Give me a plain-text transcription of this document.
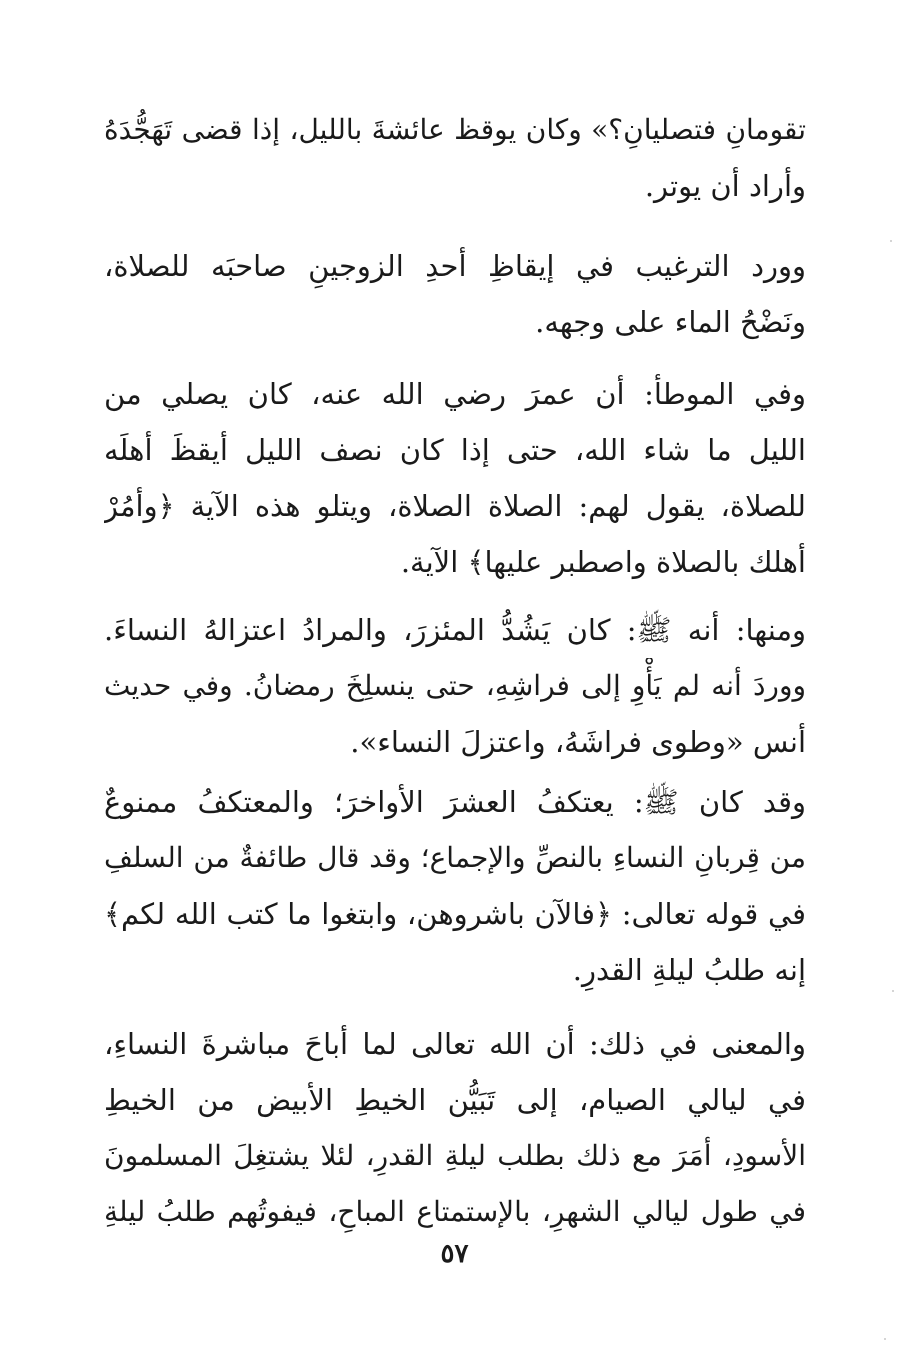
تقومانِ فتصليانِ؟» وكان يوقظ عائشةَ بالليل، إذا قضى تَهَجُّدَهُ
وأراد أن يوتر.
وورد الترغيب في إيقاظِ أحدِ الزوجينِ صاحبَه للصلاة،
ونَضْحُ الماء على وجهه.
وفي الموطأ: أن عمرَ رضي الله عنه، كان يصلي من
الليل ما شاء الله، حتى إذا كان نصف الليل أيقظَ أهلَه
للصلاة، يقول لهم: الصلاة الصلاة، ويتلو هذه الآية ﴿وأمُرْ
أهلك بالصلاة واصطبر عليها﴾ الآية.
ومنها: أنه ﷺ: كان يَشُدُّ المئزرَ، والمرادُ اعتزالهُ النساءَ.
ووردَ أنه لم يَأْوِ إلى فراشِهِ، حتى ينسلِخَ رمضانُ. وفي حديث
أنس «وطوى فراشَهُ، واعتزلَ النساء».
وقد كان ﷺ: يعتكفُ العشرَ الأواخرَ؛ والمعتكفُ ممنوعٌ
من قِربانِ النساءِ بالنصِّ والإجماع؛ وقد قال طائفةٌ من السلفِ
في قوله تعالى: ﴿فالآن باشروهن، وابتغوا ما كتب الله لكم﴾
إنه طلبُ ليلةِ القدرِ.
والمعنى في ذلك: أن الله تعالى لما أباحَ مباشرةَ النساءِ،
في ليالي الصيام، إلى تَبَيُّن الخيطِ الأبيض من الخيطِ
الأسودِ، أمَرَ مع ذلك بطلب ليلةِ القدرِ، لئلا يشتغِلَ المسلمونَ
في طول ليالي الشهرِ، بالإستمتاع المباحِ، فيفوتُهم طلبُ ليلةِ
٥٧
